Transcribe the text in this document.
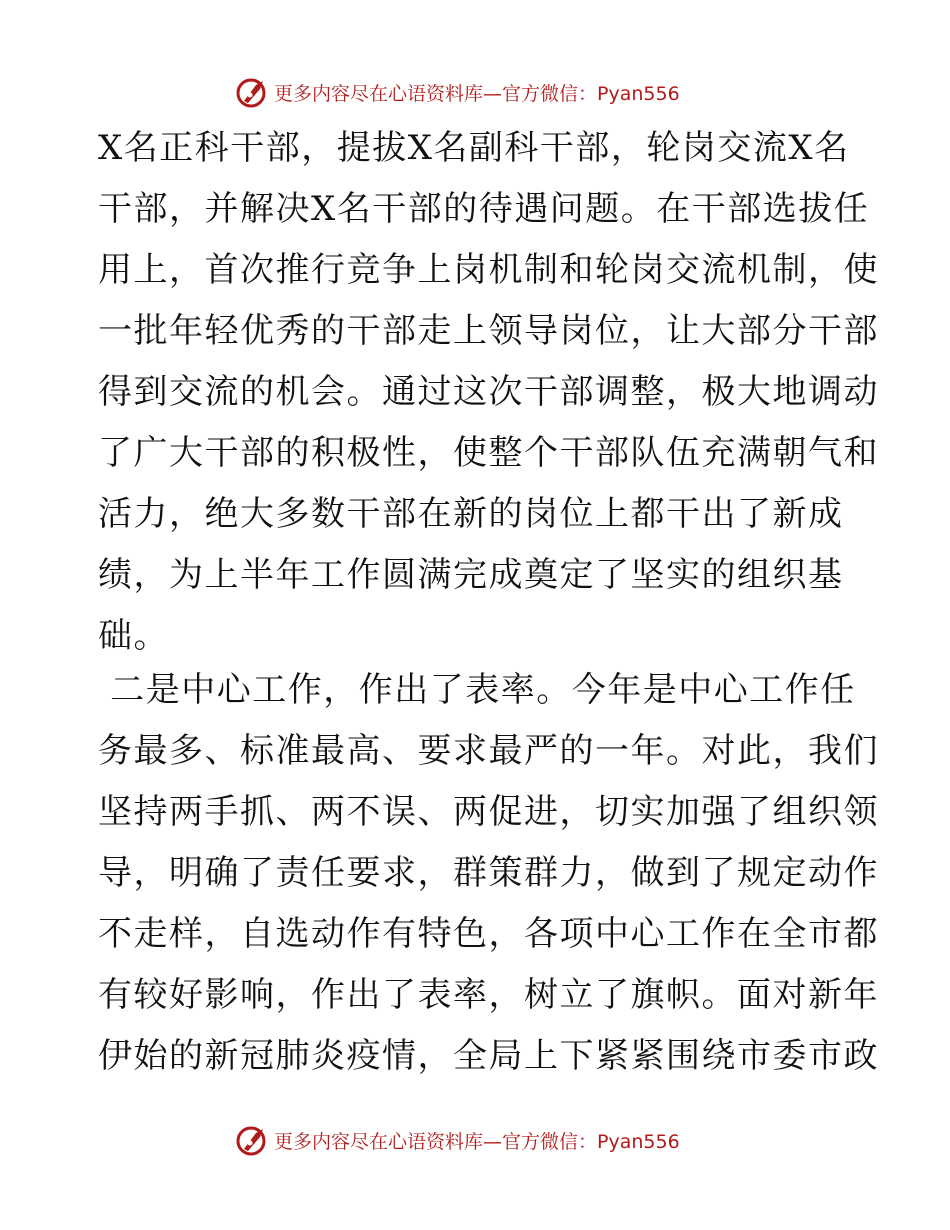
更多内容尽在心语资料库—官方微信：Pyan556
X名正科干部，提拔X名副科干部，轮岗交流X名
干部，并解决X名干部的待遇问题。在干部选拔任
用上，首次推行竞争上岗机制和轮岗交流机制，使
一批年轻优秀的干部走上领导岗位，让大部分干部
得到交流的机会。通过这次干部调整，极大地调动
了广大干部的积极性，使整个干部队伍充满朝气和
活力，绝大多数干部在新的岗位上都干出了新成
绩，为上半年工作圆满完成奠定了坚实的组织基
础。
二是中心工作，作出了表率。今年是中心工作任
务最多、标准最高、要求最严的一年。对此，我们
坚持两手抓、两不误、两促进，切实加强了组织领
导，明确了责任要求，群策群力，做到了规定动作
不走样，自选动作有特色，各项中心工作在全市都
有较好影响，作出了表率，树立了旗帜。面对新年
伊始的新冠肺炎疫情，全局上下紧紧围绕市委市政
更多内容尽在心语资料库—官方微信：Pyan556
